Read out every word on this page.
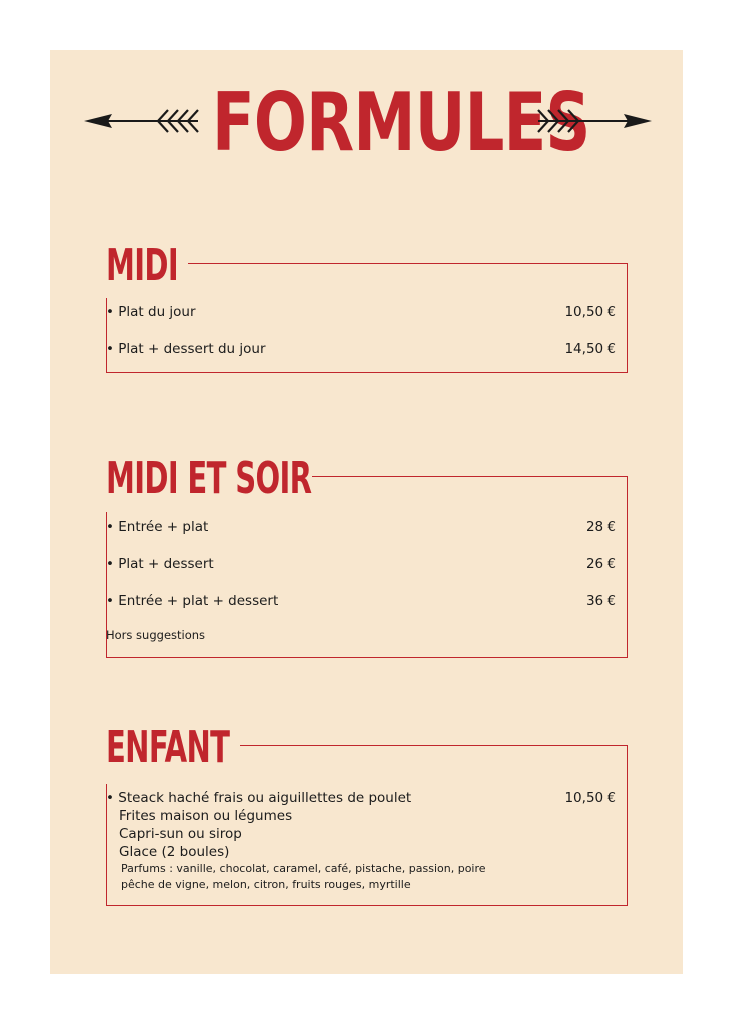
FORMULES
MIDI
• Plat du jour	10,50 €
• Plat + dessert du jour	14,50 €
MIDI ET SOIR
• Entrée + plat	28 €
• Plat + dessert	26 €
• Entrée + plat + dessert	36 €
Hors suggestions
ENFANT
• Steack haché frais ou aiguillettes de poulet	10,50 €
Frites maison ou légumes
Capri-sun ou sirop
Glace (2 boules)
Parfums : vanille, chocolat, caramel, café, pistache, passion, poire
pêche de vigne, melon, citron, fruits rouges, myrtille
